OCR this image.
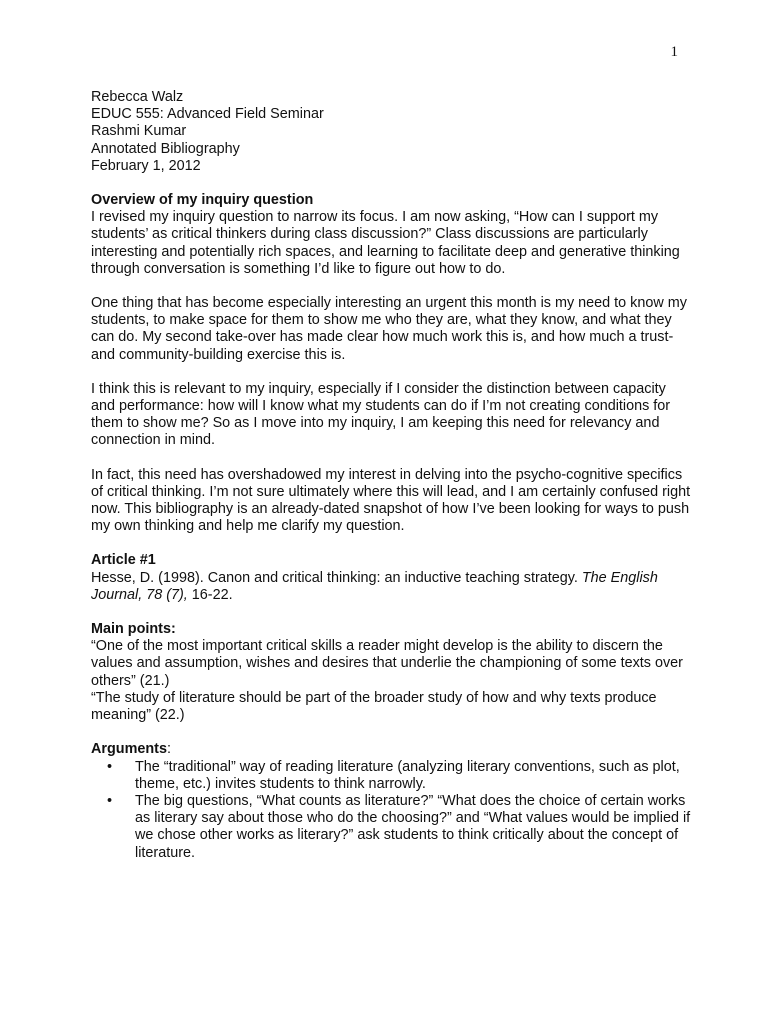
1

Rebecca Walz

EDUC 555: Advanced Field Seminar

Rashmi Kumar

Annotated Bibliography

February 1, 2012

Overview of my inquiry question

I revised my inquiry question to narrow its focus. I am now asking, “How can I support my students’ as critical thinkers during class discussion?” Class discussions are particularly interesting and potentially rich spaces, and learning to facilitate deep and generative thinking through conversation is something I’d like to figure out how to do.

One thing that has become especially interesting an urgent this month is my need to know my students, to make space for them to show me who they are, what they know, and what they can do. My second take-over has made clear how much work this is, and how much a trust- and community-building exercise this is.

I think this is relevant to my inquiry, especially if I consider the distinction between capacity and performance: how will I know what my students can do if I’m not creating conditions for them to show me? So as I move into my inquiry, I am keeping this need for relevancy and connection in mind.

In fact, this need has overshadowed my interest in delving into the psycho-cognitive specifics of critical thinking. I’m not sure ultimately where this will lead, and I am certainly confused right now. This bibliography is an already-dated snapshot of how I’ve been looking for ways to push my own thinking and help me clarify my question.

Article #1

Hesse, D. (1998). Canon and critical thinking: an inductive teaching strategy. The English Journal, 78 (7), 16-22.

Main points:

“One of the most important critical skills a reader might develop is the ability to discern the values and assumption, wishes and desires that underlie the championing of some texts over others” (21.)

“The study of literature should be part of the broader study of how and why texts produce meaning” (22.)

Arguments:

• The “traditional” way of reading literature (analyzing literary conventions, such as plot, theme, etc.) invites students to think narrowly.
• The big questions, “What counts as literature?” “What does the choice of certain works as literary say about those who do the choosing?” and “What values would be implied if we chose other works as literary?” ask students to think critically about the concept of literature.
